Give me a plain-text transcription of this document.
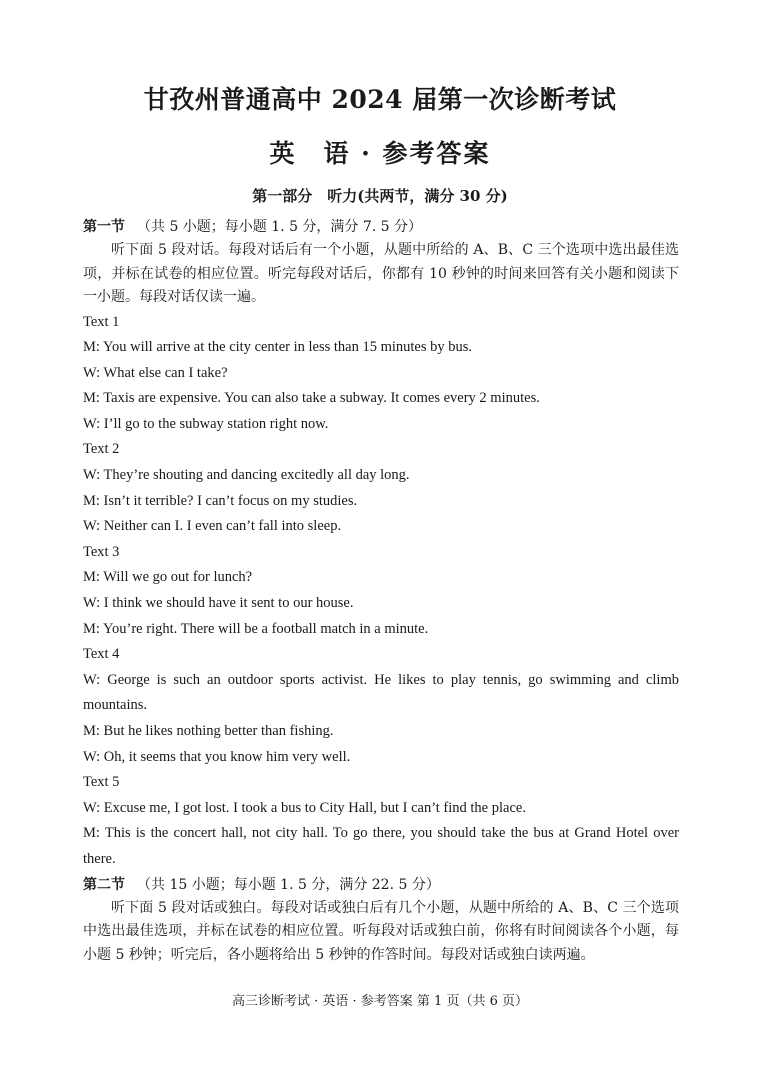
甘孜州普通高中 2024 届第一次诊断考试
英　语 · 参考答案
第一部分　听力(共两节，满分 30 分)
第一节 （共 5 小题；每小题 1. 5 分，满分 7. 5 分）

听下面 5 段对话。每段对话后有一个小题，从题中所给的 A、B、C 三个选项中选出最佳选项，并标在试卷的相应位置。听完每段对话后，你都有 10 秒钟的时间来回答有关小题和阅读下一小题。每段对话仅读一遍。

Text 1
M: You will arrive at the city center in less than 15 minutes by bus.
W: What else can I take?
M: Taxis are expensive. You can also take a subway. It comes every 2 minutes.
W: I’ll go to the subway station right now.
Text 2
W: They’re shouting and dancing excitedly all day long.
M: Isn’t it terrible? I can’t focus on my studies.
W: Neither can I. I even can’t fall into sleep.
Text 3
M: Will we go out for lunch?
W: I think we should have it sent to our house.
M: You’re right. There will be a football match in a minute.
Text 4
W: George is such an outdoor sports activist. He likes to play tennis, go swimming and climb mountains.
M: But he likes nothing better than fishing.
W: Oh, it seems that you know him very well.
Text 5
W: Excuse me, I got lost. I took a bus to City Hall, but I can’t find the place.
M: This is the concert hall, not city hall. To go there, you should take the bus at Grand Hotel over there.
第二节 （共 15 小题；每小题 1. 5 分，满分 22. 5 分）

听下面 5 段对话或独白。每段对话或独白后有几个小题，从题中所给的 A、B、C 三个选项中选出最佳选项，并标在试卷的相应位置。听每段对话或独白前，你将有时间阅读各个小题，每小题 5 秒钟；听完后，各小题将给出 5 秒钟的作答时间。每段对话或独白读两遍。

高三诊断考试 · 英语 · 参考答案 第 1 页（共 6 页）
